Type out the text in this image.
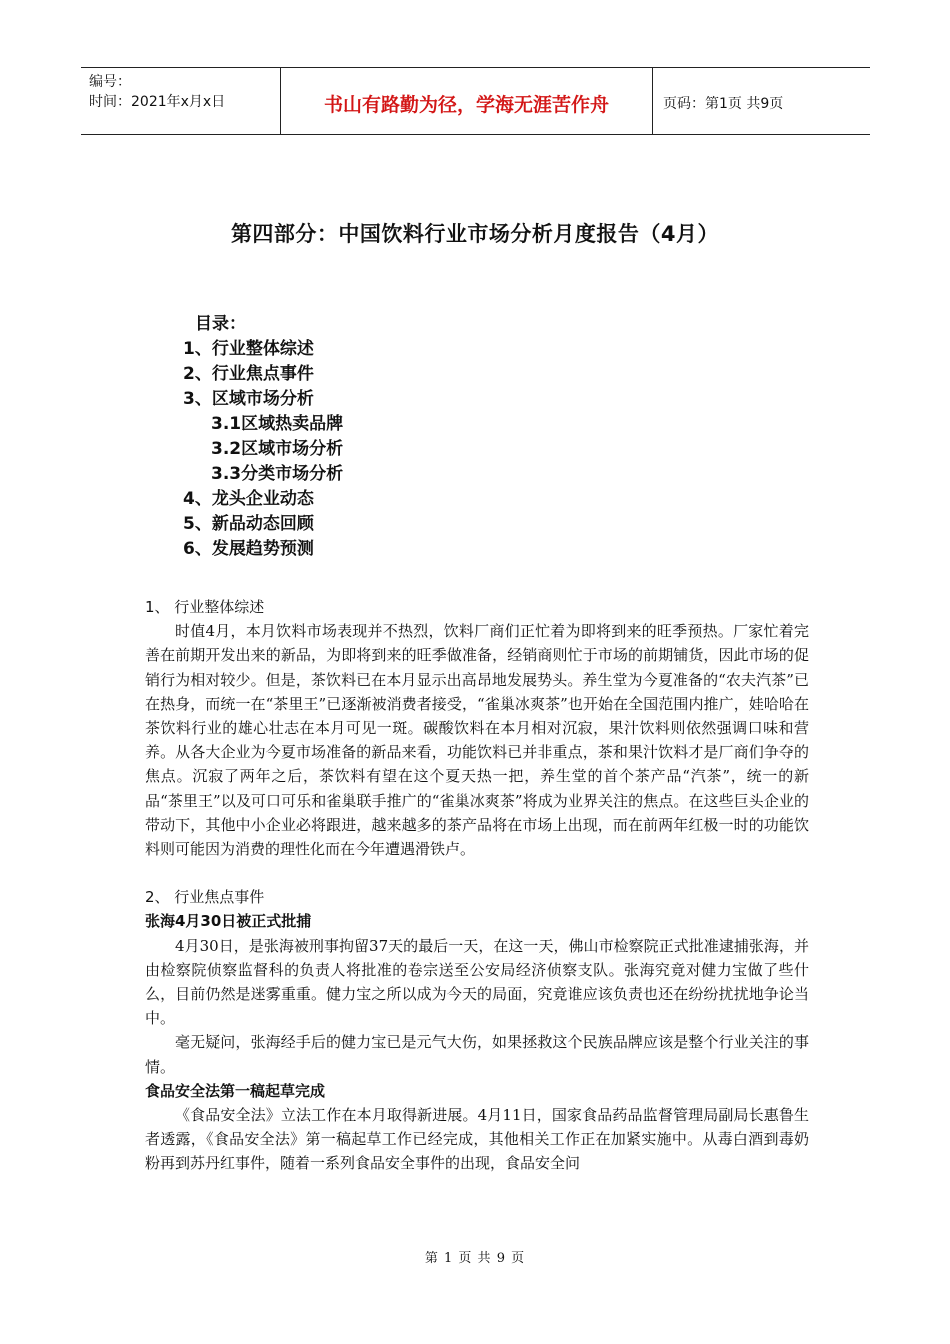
编号：
时间：2021年x月x日	书山有路勤为径，学海无涯苦作舟	页码：第1页 共9页
第四部分：中国饮料行业市场分析月度报告（4月）
目录：
1、行业整体综述
2、行业焦点事件
3、区域市场分析
3.1区域热卖品牌
3.2区域市场分析
3.3分类市场分析
4、龙头企业动态
5、新品动态回顾
6、发展趋势预测
1、 行业整体综述

时值4月，本月饮料市场表现并不热烈，饮料厂商们正忙着为即将到来的旺季预热。厂家忙着完善在前期开发出来的新品，为即将到来的旺季做准备，经销商则忙于市场的前期铺货，因此市场的促销行为相对较少。但是，茶饮料已在本月显示出高昂地发展势头。养生堂为今夏准备的“农夫汽茶”已在热身，而统一在“茶里王”已逐渐被消费者接受，“雀巢冰爽茶”也开始在全国范围内推广，娃哈哈在茶饮料行业的雄心壮志在本月可见一斑。碳酸饮料在本月相对沉寂，果汁饮料则依然强调口味和营养。从各大企业为今夏市场准备的新品来看，功能饮料已并非重点，茶和果汁饮料才是厂商们争夺的焦点。沉寂了两年之后，茶饮料有望在这个夏天热一把，养生堂的首个茶产品“汽茶”，统一的新品“茶里王”以及可口可乐和雀巢联手推广的“雀巢冰爽茶”将成为业界关注的焦点。在这些巨头企业的带动下，其他中小企业必将跟进，越来越多的茶产品将在市场上出现，而在前两年红极一时的功能饮料则可能因为消费的理性化而在今年遭遇滑铁卢。

2、 行业焦点事件
张海4月30日被正式批捕

4月30日，是张海被刑事拘留37天的最后一天，在这一天，佛山市检察院正式批准逮捕张海，并由检察院侦察监督科的负责人将批准的卷宗送至公安局经济侦察支队。张海究竟对健力宝做了些什么，目前仍然是迷雾重重。健力宝之所以成为今天的局面，究竟谁应该负责也还在纷纷扰扰地争论当中。

毫无疑问，张海经手后的健力宝已是元气大伤，如果拯救这个民族品牌应该是整个行业关注的事情。

食品安全法第一稿起草完成

《食品安全法》立法工作在本月取得新进展。4月11日，国家食品药品监督管理局副局长惠鲁生者透露，《食品安全法》第一稿起草工作已经完成，其他相关工作正在加紧实施中。从毒白酒到毒奶粉再到苏丹红事件，随着一系列食品安全事件的出现，食品安全问

第 1 页 共 9 页
